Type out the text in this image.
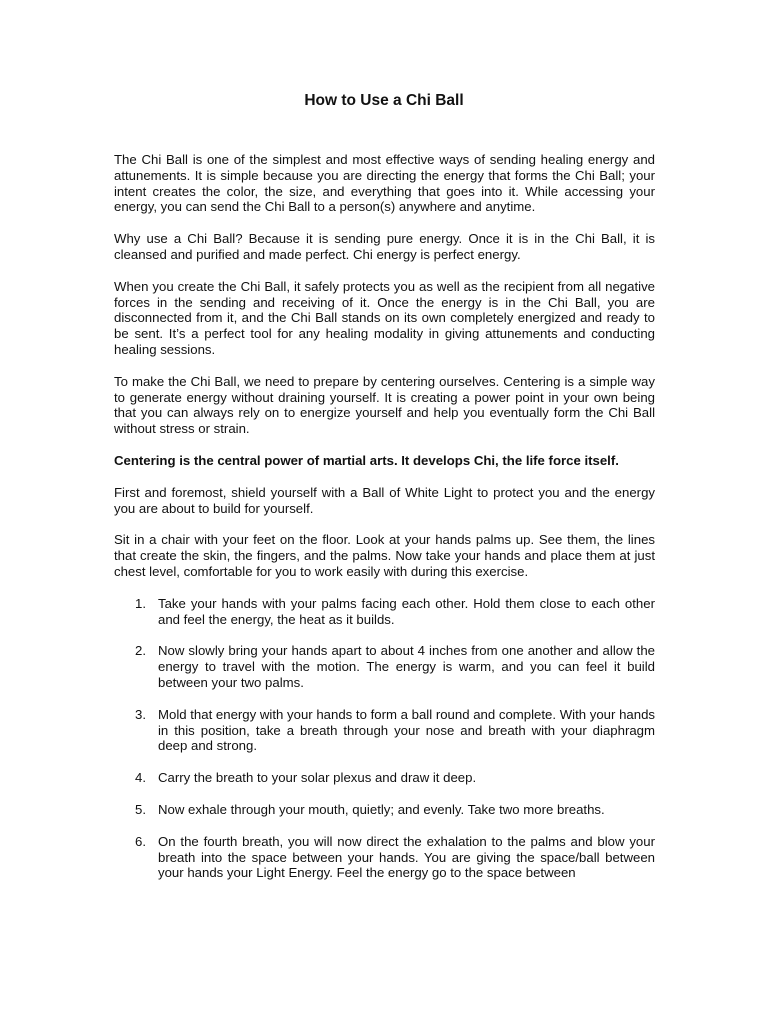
How to Use a Chi Ball

The Chi Ball is one of the simplest and most effective ways of sending healing energy and attunements. It is simple because you are directing the energy that forms the Chi Ball; your intent creates the color, the size, and everything that goes into it. While accessing your energy, you can send the Chi Ball to a person(s) anywhere and anytime.

Why use a Chi Ball? Because it is sending pure energy. Once it is in the Chi Ball, it is cleansed and purified and made perfect. Chi energy is perfect energy.

When you create the Chi Ball, it safely protects you as well as the recipient from all negative forces in the sending and receiving of it. Once the energy is in the Chi Ball, you are disconnected from it, and the Chi Ball stands on its own completely energized and ready to be sent. It’s a perfect tool for any healing modality in giving attunements and conducting healing sessions.

To make the Chi Ball, we need to prepare by centering ourselves. Centering is a simple way to generate energy without draining yourself. It is creating a power point in your own being that you can always rely on to energize yourself and help you eventually form the Chi Ball without stress or strain.

Centering is the central power of martial arts. It develops Chi, the life force itself.

First and foremost, shield yourself with a Ball of White Light to protect you and the energy you are about to build for yourself.

Sit in a chair with your feet on the floor. Look at your hands palms up. See them, the lines that create the skin, the fingers, and the palms. Now take your hands and place them at just chest level, comfortable for you to work easily with during this exercise.

1. Take your hands with your palms facing each other. Hold them close to each other and feel the energy, the heat as it builds.
2. Now slowly bring your hands apart to about 4 inches from one another and allow the energy to travel with the motion. The energy is warm, and you can feel it build between your two palms.
3. Mold that energy with your hands to form a ball round and complete. With your hands in this position, take a breath through your nose and breath with your diaphragm deep and strong.
4. Carry the breath to your solar plexus and draw it deep.
5. Now exhale through your mouth, quietly; and evenly. Take two more breaths.
6. On the fourth breath, you will now direct the exhalation to the palms and blow your breath into the space between your hands. You are giving the space/ball between your hands your Light Energy. Feel the energy go to the space between
